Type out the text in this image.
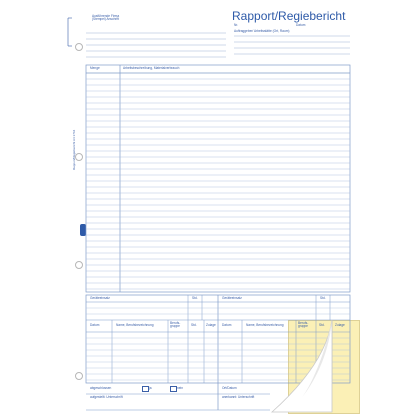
Rapport/Regiebericht A4 1744
Rapport/Regiebericht
Nr.	Datum
Auftraggeber/ Arbeitsstätte (Ort, Raum)
Ausführende Firma (Stempel) Anschrift
Menge	Arbeitsbeschreibung, Materialverbrauch
Geräteeinsatz	Std.	Geräteeinsatz	Std.
Datum	Name, Berufsbezeichnung	Berufs-gruppe	Std.	Zulage Datum	Name, Berufsbezeichnung	Berufs-gruppe	Std.	Zulage
abgeschlossen	ja	nein	Ort/Datum
aufgestellt: Unterschrift	anerkannt: Unterschrift
